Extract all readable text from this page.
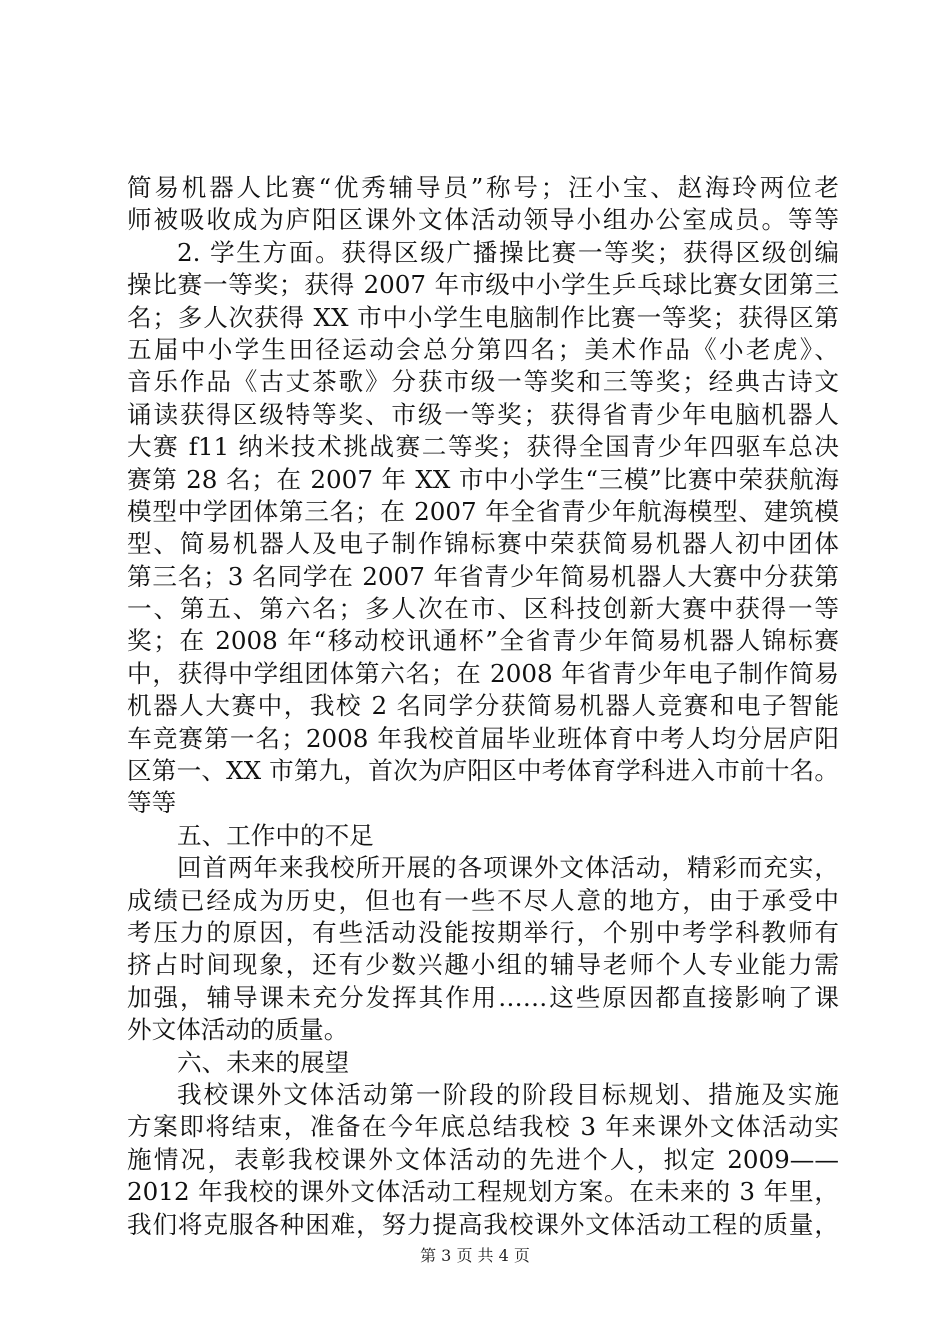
简易机器人比赛“优秀辅导员”称号；汪小宝、赵海玲两位老
师被吸收成为庐阳区课外文体活动领导小组办公室成员。等等
2. 学生方面。获得区级广播操比赛一等奖；获得区级创编
操比赛一等奖；获得 2007 年市级中小学生乒乓球比赛女团第三
名；多人次获得 XX 市中小学生电脑制作比赛一等奖；获得区第
五届中小学生田径运动会总分第四名；美术作品《小老虎》、
音乐作品《古丈茶歌》分获市级一等奖和三等奖；经典古诗文
诵读获得区级特等奖、市级一等奖；获得省青少年电脑机器人
大赛 f11 纳米技术挑战赛二等奖；获得全国青少年四驱车总决
赛第 28 名；在 2007 年 XX 市中小学生“三模”比赛中荣获航海
模型中学团体第三名；在 2007 年全省青少年航海模型、建筑模
型、简易机器人及电子制作锦标赛中荣获简易机器人初中团体
第三名；3 名同学在 2007 年省青少年简易机器人大赛中分获第
一、第五、第六名；多人次在市、区科技创新大赛中获得一等
奖；在 2008 年“移动校讯通杯”全省青少年简易机器人锦标赛
中，获得中学组团体第六名；在 2008 年省青少年电子制作简易
机器人大赛中，我校 2 名同学分获简易机器人竞赛和电子智能
车竞赛第一名；2008 年我校首届毕业班体育中考人均分居庐阳
区第一、XX 市第九，首次为庐阳区中考体育学科进入市前十名。
等等
五、工作中的不足
回首两年来我校所开展的各项课外文体活动，精彩而充实，
成绩已经成为历史，但也有一些不尽人意的地方，由于承受中
考压力的原因，有些活动没能按期举行，个别中考学科教师有
挤占时间现象，还有少数兴趣小组的辅导老师个人专业能力需
加强，辅导课未充分发挥其作用……这些原因都直接影响了课
外文体活动的质量。
六、未来的展望
我校课外文体活动第一阶段的阶段目标规划、措施及实施
方案即将结束，准备在今年底总结我校 3 年来课外文体活动实
施情况，表彰我校课外文体活动的先进个人，拟定 2009——
2012 年我校的课外文体活动工程规划方案。在未来的 3 年里，
我们将克服各种困难，努力提高我校课外文体活动工程的质量，
第 3 页 共 4 页
